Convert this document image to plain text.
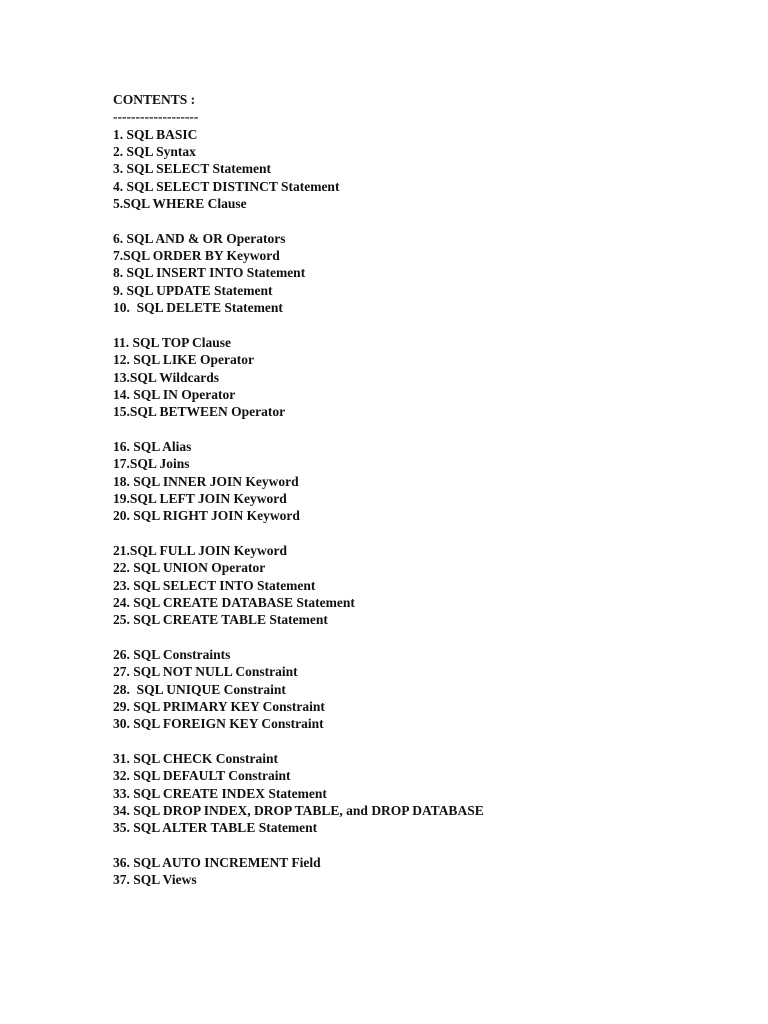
CONTENTS :
-------------------
1. SQL BASIC
2. SQL Syntax
3. SQL SELECT Statement
4. SQL SELECT DISTINCT Statement
5.SQL WHERE Clause
6. SQL AND & OR Operators
7.SQL ORDER BY Keyword
8. SQL INSERT INTO Statement
9. SQL UPDATE Statement
10.  SQL DELETE Statement
11. SQL TOP Clause
12. SQL LIKE Operator
13.SQL Wildcards
14. SQL IN Operator
15.SQL BETWEEN Operator
16. SQL Alias
17.SQL Joins
18. SQL INNER JOIN Keyword
19.SQL LEFT JOIN Keyword
20. SQL RIGHT JOIN Keyword
21.SQL FULL JOIN Keyword
22. SQL UNION Operator
23. SQL SELECT INTO Statement
24. SQL CREATE DATABASE Statement
25. SQL CREATE TABLE Statement
26. SQL Constraints
27. SQL NOT NULL Constraint
28.  SQL UNIQUE Constraint
29. SQL PRIMARY KEY Constraint
30. SQL FOREIGN KEY Constraint
31. SQL CHECK Constraint
32. SQL DEFAULT Constraint
33. SQL CREATE INDEX Statement
34. SQL DROP INDEX, DROP TABLE, and DROP DATABASE
35. SQL ALTER TABLE Statement
36. SQL AUTO INCREMENT Field
37. SQL Views
